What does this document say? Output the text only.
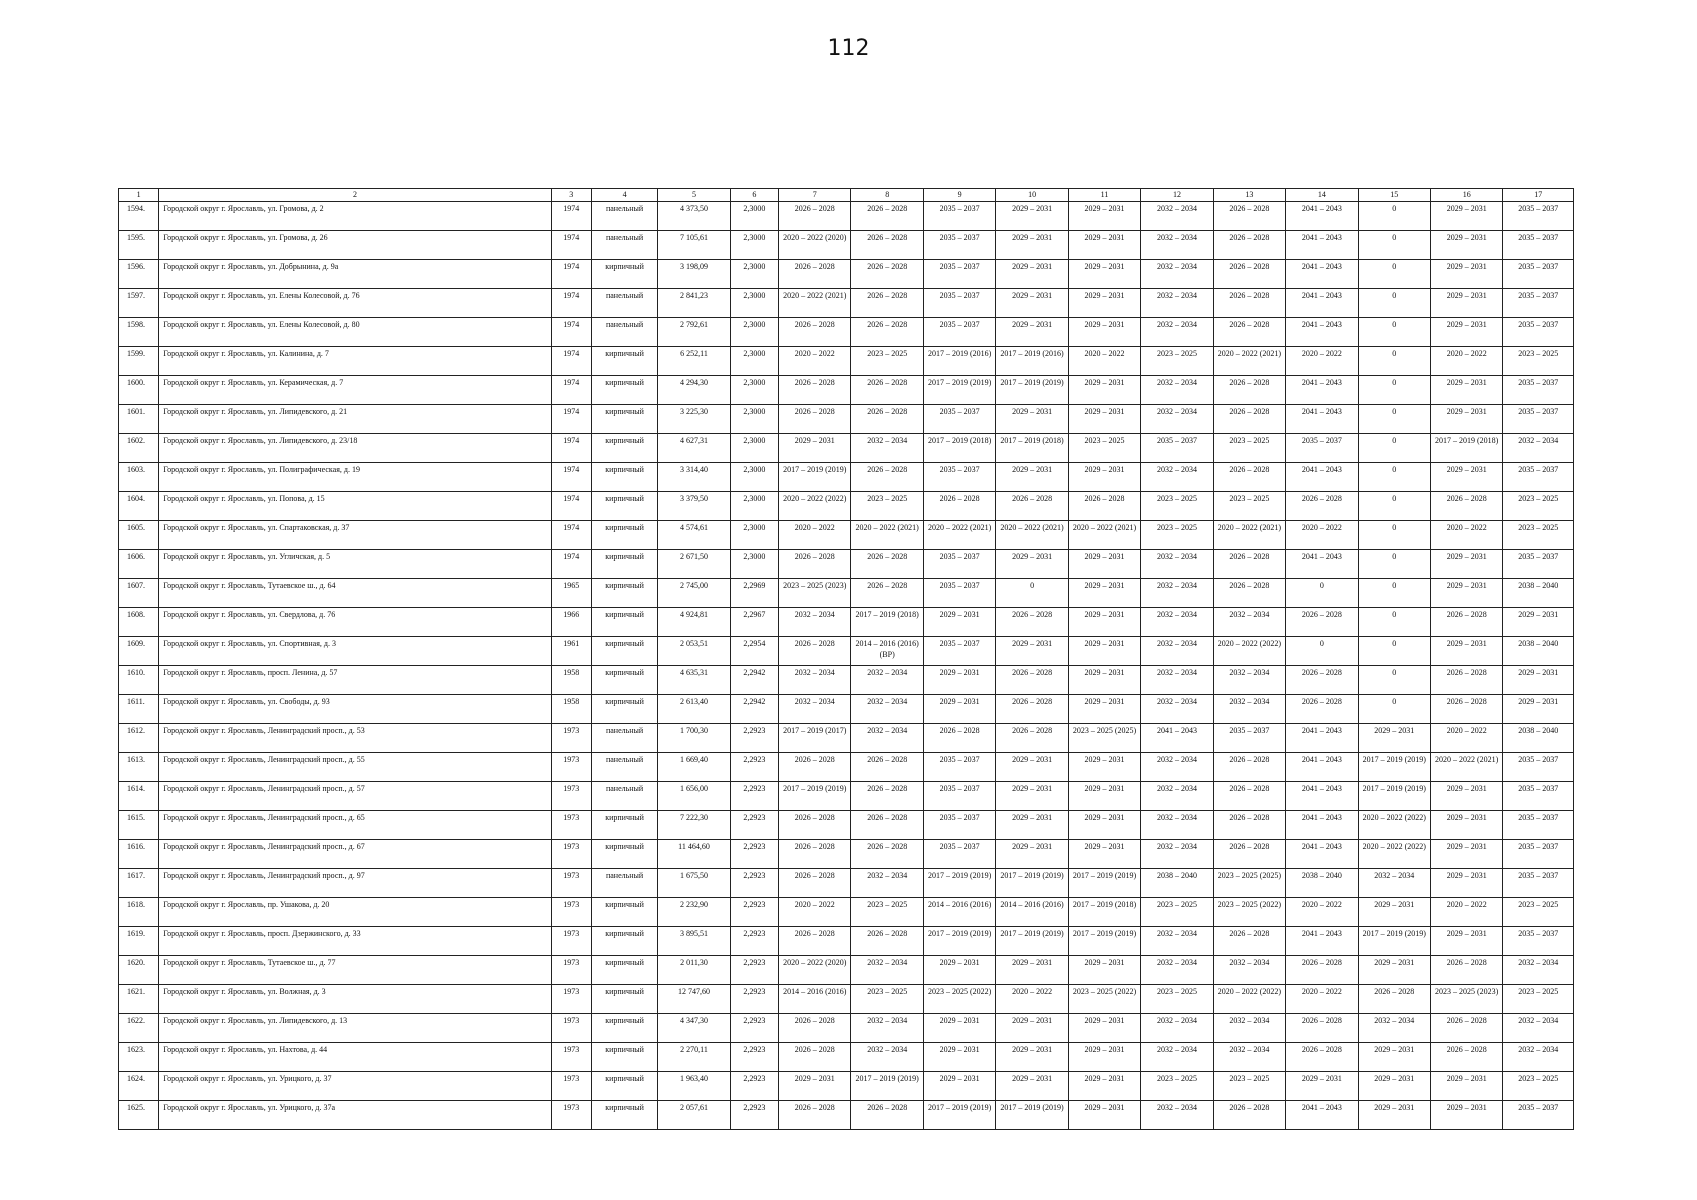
112
1	2	3	4	5	6	7	8	9	10	11	12	13	14	15	16	17
1594.	Городской округ г. Ярославль, ул. Громова, д. 2	1974	панельный	4 373,50	2,3000	2026 – 2028	2026 – 2028	2035 – 2037	2029 – 2031	2029 – 2031	2032 – 2034	2026 – 2028	2041 – 2043	0	2029 – 2031	2035 – 2037
1595.	Городской округ г. Ярославль, ул. Громова, д. 26	1974	панельный	7 105,61	2,3000	2020 – 2022 (2020)	2026 – 2028	2035 – 2037	2029 – 2031	2029 – 2031	2032 – 2034	2026 – 2028	2041 – 2043	0	2029 – 2031	2035 – 2037
1596.	Городской округ г. Ярославль, ул. Добрынина, д. 9а	1974	кирпичный	3 198,09	2,3000	2026 – 2028	2026 – 2028	2035 – 2037	2029 – 2031	2029 – 2031	2032 – 2034	2026 – 2028	2041 – 2043	0	2029 – 2031	2035 – 2037
1597.	Городской округ г. Ярославль, ул. Елены Колесовой, д. 76	1974	панельный	2 841,23	2,3000	2020 – 2022 (2021)	2026 – 2028	2035 – 2037	2029 – 2031	2029 – 2031	2032 – 2034	2026 – 2028	2041 – 2043	0	2029 – 2031	2035 – 2037
1598.	Городской округ г. Ярославль, ул. Елены Колесовой, д. 80	1974	панельный	2 792,61	2,3000	2026 – 2028	2026 – 2028	2035 – 2037	2029 – 2031	2029 – 2031	2032 – 2034	2026 – 2028	2041 – 2043	0	2029 – 2031	2035 – 2037
1599.	Городской округ г. Ярославль, ул. Калинина, д. 7	1974	кирпичный	6 252,11	2,3000	2020 – 2022	2023 – 2025	2017 – 2019 (2016)	2017 – 2019 (2016)	2020 – 2022	2023 – 2025	2020 – 2022 (2021)	2020 – 2022	0	2020 – 2022	2023 – 2025
1600.	Городской округ г. Ярославль, ул. Керамическая, д. 7	1974	кирпичный	4 294,30	2,3000	2026 – 2028	2026 – 2028	2017 – 2019 (2019)	2017 – 2019 (2019)	2029 – 2031	2032 – 2034	2026 – 2028	2041 – 2043	0	2029 – 2031	2035 – 2037
1601.	Городской округ г. Ярославль, ул. Липидевского, д. 21	1974	кирпичный	3 225,30	2,3000	2026 – 2028	2026 – 2028	2035 – 2037	2029 – 2031	2029 – 2031	2032 – 2034	2026 – 2028	2041 – 2043	0	2029 – 2031	2035 – 2037
1602.	Городской округ г. Ярославль, ул. Липидевского, д. 23/18	1974	кирпичный	4 627,31	2,3000	2029 – 2031	2032 – 2034	2017 – 2019 (2018)	2017 – 2019 (2018)	2023 – 2025	2035 – 2037	2023 – 2025	2035 – 2037	0	2017 – 2019 (2018)	2032 – 2034
1603.	Городской округ г. Ярославль, ул. Полиграфическая, д. 19	1974	кирпичный	3 314,40	2,3000	2017 – 2019 (2019)	2026 – 2028	2035 – 2037	2029 – 2031	2029 – 2031	2032 – 2034	2026 – 2028	2041 – 2043	0	2029 – 2031	2035 – 2037
1604.	Городской округ г. Ярославль, ул. Попова, д. 15	1974	кирпичный	3 379,50	2,3000	2020 – 2022 (2022)	2023 – 2025	2026 – 2028	2026 – 2028	2026 – 2028	2023 – 2025	2023 – 2025	2026 – 2028	0	2026 – 2028	2023 – 2025
1605.	Городской округ г. Ярославль, ул. Спартаковская, д. 37	1974	кирпичный	4 574,61	2,3000	2020 – 2022	2020 – 2022 (2021)	2020 – 2022 (2021)	2020 – 2022 (2021)	2020 – 2022 (2021)	2023 – 2025	2020 – 2022 (2021)	2020 – 2022	0	2020 – 2022	2023 – 2025
1606.	Городской округ г. Ярославль, ул. Угличская, д. 5	1974	кирпичный	2 671,50	2,3000	2026 – 2028	2026 – 2028	2035 – 2037	2029 – 2031	2029 – 2031	2032 – 2034	2026 – 2028	2041 – 2043	0	2029 – 2031	2035 – 2037
1607.	Городской округ г. Ярославль, Тутаевское ш., д. 64	1965	кирпичный	2 745,00	2,2969	2023 – 2025 (2023)	2026 – 2028	2035 – 2037	0	2029 – 2031	2032 – 2034	2026 – 2028	0	0	2029 – 2031	2038 – 2040
1608.	Городской округ г. Ярославль, ул. Свердлова, д. 76	1966	кирпичный	4 924,81	2,2967	2032 – 2034	2017 – 2019 (2018)	2029 – 2031	2026 – 2028	2029 – 2031	2032 – 2034	2032 – 2034	2026 – 2028	0	2026 – 2028	2029 – 2031
1609.	Городской округ г. Ярославль, ул. Спортивная, д. 3	1961	кирпичный	2 053,51	2,2954	2026 – 2028	2014 – 2016 (2016) (ВР)	2035 – 2037	2029 – 2031	2029 – 2031	2032 – 2034	2020 – 2022 (2022)	0	0	2029 – 2031	2038 – 2040
1610.	Городской округ г. Ярославль, просп. Ленина, д. 57	1958	кирпичный	4 635,31	2,2942	2032 – 2034	2032 – 2034	2029 – 2031	2026 – 2028	2029 – 2031	2032 – 2034	2032 – 2034	2026 – 2028	0	2026 – 2028	2029 – 2031
1611.	Городской округ г. Ярославль, ул. Свободы, д. 93	1958	кирпичный	2 613,40	2,2942	2032 – 2034	2032 – 2034	2029 – 2031	2026 – 2028	2029 – 2031	2032 – 2034	2032 – 2034	2026 – 2028	0	2026 – 2028	2029 – 2031
1612.	Городской округ г. Ярославль, Ленинградский просп., д. 53	1973	панельный	1 700,30	2,2923	2017 – 2019 (2017)	2032 – 2034	2026 – 2028	2026 – 2028	2023 – 2025 (2025)	2041 – 2043	2035 – 2037	2041 – 2043	2029 – 2031	2020 – 2022	2038 – 2040
1613.	Городской округ г. Ярославль, Ленинградский просп., д. 55	1973	панельный	1 669,40	2,2923	2026 – 2028	2026 – 2028	2035 – 2037	2029 – 2031	2029 – 2031	2032 – 2034	2026 – 2028	2041 – 2043	2017 – 2019 (2019)	2020 – 2022 (2021)	2035 – 2037
1614.	Городской округ г. Ярославль, Ленинградский просп., д. 57	1973	панельный	1 656,00	2,2923	2017 – 2019 (2019)	2026 – 2028	2035 – 2037	2029 – 2031	2029 – 2031	2032 – 2034	2026 – 2028	2041 – 2043	2017 – 2019 (2019)	2029 – 2031	2035 – 2037
1615.	Городской округ г. Ярославль, Ленинградский просп., д. 65	1973	кирпичный	7 222,30	2,2923	2026 – 2028	2026 – 2028	2035 – 2037	2029 – 2031	2029 – 2031	2032 – 2034	2026 – 2028	2041 – 2043	2020 – 2022 (2022)	2029 – 2031	2035 – 2037
1616.	Городской округ г. Ярославль, Ленинградский просп., д. 67	1973	кирпичный	11 464,60	2,2923	2026 – 2028	2026 – 2028	2035 – 2037	2029 – 2031	2029 – 2031	2032 – 2034	2026 – 2028	2041 – 2043	2020 – 2022 (2022)	2029 – 2031	2035 – 2037
1617.	Городской округ г. Ярославль, Ленинградский просп., д. 97	1973	панельный	1 675,50	2,2923	2026 – 2028	2032 – 2034	2017 – 2019 (2019)	2017 – 2019 (2019)	2017 – 2019 (2019)	2038 – 2040	2023 – 2025 (2025)	2038 – 2040	2032 – 2034	2029 – 2031	2035 – 2037
1618.	Городской округ г. Ярославль, пр. Ушакова, д. 20	1973	кирпичный	2 232,90	2,2923	2020 – 2022	2023 – 2025	2014 – 2016 (2016)	2014 – 2016 (2016)	2017 – 2019 (2018)	2023 – 2025	2023 – 2025 (2022)	2020 – 2022	2029 – 2031	2020 – 2022	2023 – 2025
1619.	Городской округ г. Ярославль, просп. Дзержинского, д. 33	1973	кирпичный	3 895,51	2,2923	2026 – 2028	2026 – 2028	2017 – 2019 (2019)	2017 – 2019 (2019)	2017 – 2019 (2019)	2032 – 2034	2026 – 2028	2041 – 2043	2017 – 2019 (2019)	2029 – 2031	2035 – 2037
1620.	Городской округ г. Ярославль, Тутаевское ш., д. 77	1973	кирпичный	2 011,30	2,2923	2020 – 2022 (2020)	2032 – 2034	2029 – 2031	2029 – 2031	2029 – 2031	2032 – 2034	2032 – 2034	2026 – 2028	2029 – 2031	2026 – 2028	2032 – 2034
1621.	Городской округ г. Ярославль, ул. Волжная, д. 3	1973	кирпичный	12 747,60	2,2923	2014 – 2016 (2016)	2023 – 2025	2023 – 2025 (2022)	2020 – 2022	2023 – 2025 (2022)	2023 – 2025	2020 – 2022 (2022)	2020 – 2022	2026 – 2028	2023 – 2025 (2023)	2023 – 2025
1622.	Городской округ г. Ярославль, ул. Липидевского, д. 13	1973	кирпичный	4 347,30	2,2923	2026 – 2028	2032 – 2034	2029 – 2031	2029 – 2031	2029 – 2031	2032 – 2034	2032 – 2034	2026 – 2028	2032 – 2034	2026 – 2028	2032 – 2034
1623.	Городской округ г. Ярославль, ул. Нахтова, д. 44	1973	кирпичный	2 270,11	2,2923	2026 – 2028	2032 – 2034	2029 – 2031	2029 – 2031	2029 – 2031	2032 – 2034	2032 – 2034	2026 – 2028	2029 – 2031	2026 – 2028	2032 – 2034
1624.	Городской округ г. Ярославль, ул. Урицкого, д. 37	1973	кирпичный	1 963,40	2,2923	2029 – 2031	2017 – 2019 (2019)	2029 – 2031	2029 – 2031	2029 – 2031	2023 – 2025	2023 – 2025	2029 – 2031	2029 – 2031	2029 – 2031	2023 – 2025
1625.	Городской округ г. Ярославль, ул. Урицкого, д. 37а	1973	кирпичный	2 057,61	2,2923	2026 – 2028	2026 – 2028	2017 – 2019 (2019)	2017 – 2019 (2019)	2029 – 2031	2032 – 2034	2026 – 2028	2041 – 2043	2029 – 2031	2029 – 2031	2035 – 2037
